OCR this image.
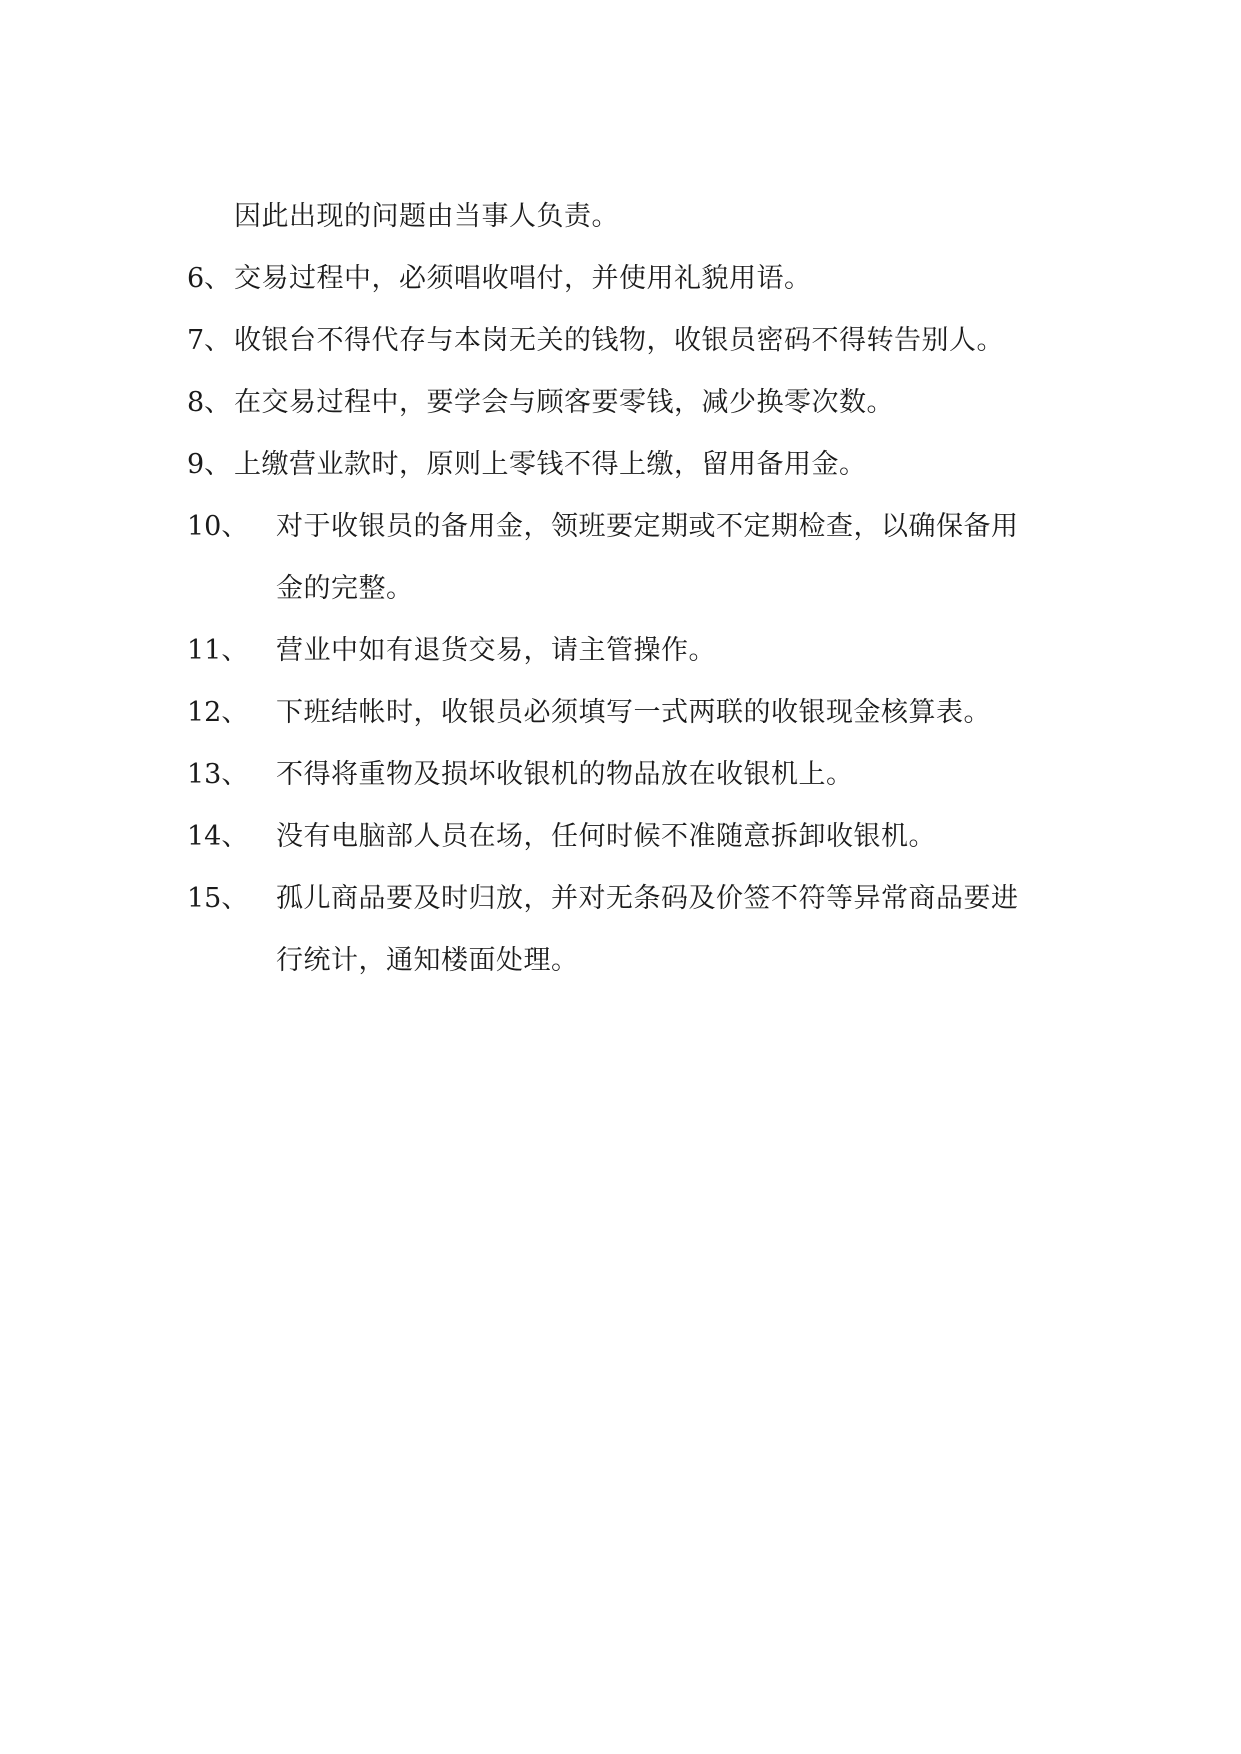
因此出现的问题由当事人负责。
6、 交易过程中，必须唱收唱付，并使用礼貌用语。
7、 收银台不得代存与本岗无关的钱物，收银员密码不得转告别人。
8、 在交易过程中，要学会与顾客要零钱，减少换零次数。
9、 上缴营业款时，原则上零钱不得上缴，留用备用金。
10、 对于收银员的备用金，领班要定期或不定期检查，以确保备用
金的完整。
11、 营业中如有退货交易，请主管操作。
12、 下班结帐时，收银员必须填写一式两联的收银现金核算表。
13、 不得将重物及损坏收银机的物品放在收银机上。
14、 没有电脑部人员在场，任何时候不准随意拆卸收银机。
15、 孤儿商品要及时归放，并对无条码及价签不符等异常商品要进
行统计，通知楼面处理。
